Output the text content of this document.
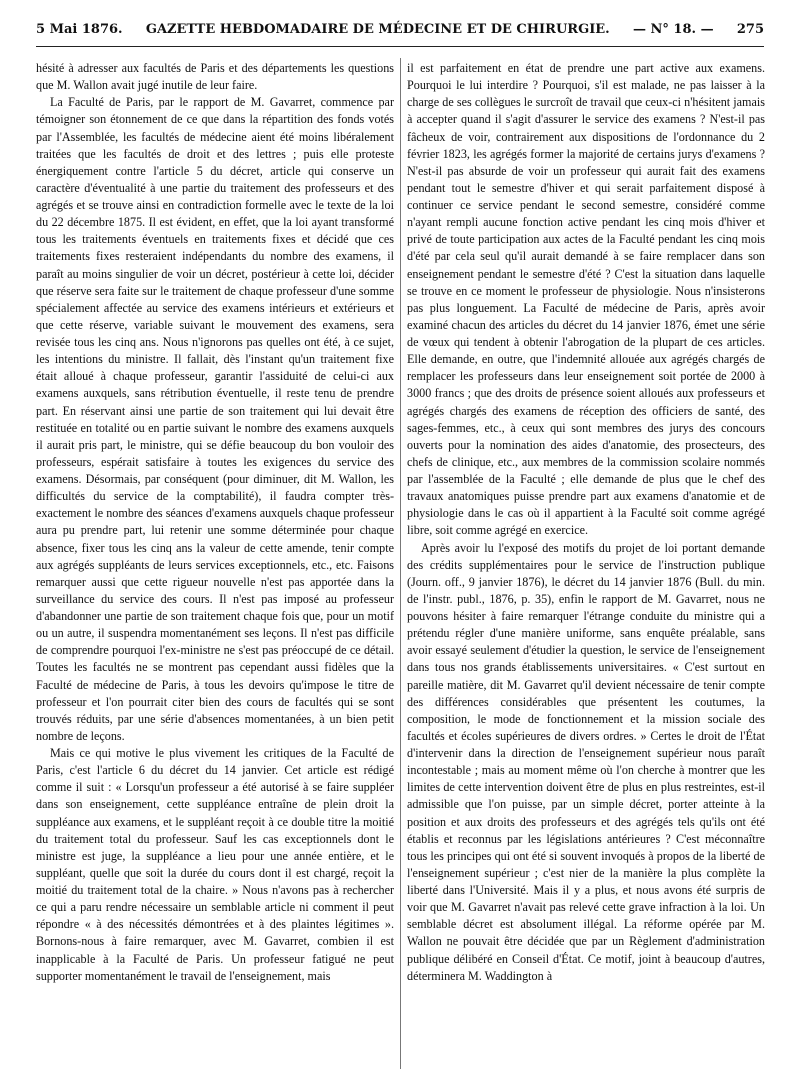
5 Mai 1876. GAZETTE HEBDOMADAIRE DE MÉDECINE ET DE CHIRURGIE. — N° 18. — 275

hésité à adresser aux facultés de Paris et des départements les questions que M. Wallon avait jugé inutile de leur faire.

La Faculté de Paris, par le rapport de M. Gavarret, commence par témoigner son étonnement de ce que dans la répartition des fonds votés par l'Assemblée, les facultés de médecine aient été moins libéralement traitées que les facultés de droit et des lettres ; puis elle proteste énergiquement contre l'article 5 du décret, article qui conserve un caractère d'éventualité à une partie du traitement des professeurs et des agrégés et se trouve ainsi en contradiction formelle avec le texte de la loi du 22 décembre 1875. Il est évident, en effet, que la loi ayant transformé tous les traitements éventuels en traitements fixes et décidé que ces traitements fixes resteraient indépendants du nombre des examens, il paraît au moins singulier de voir un décret, postérieur à cette loi, décider que réserve sera faite sur le traitement de chaque professeur d'une somme spécialement affectée au service des examens intérieurs et extérieurs et que cette réserve, variable suivant le mouvement des examens, sera revisée tous les cinq ans. Nous n'ignorons pas quelles ont été, à ce sujet, les intentions du ministre. Il fallait, dès l'instant qu'un traitement fixe était alloué à chaque professeur, garantir l'assiduité de celui-ci aux examens auxquels, sans rétribution éventuelle, il reste tenu de prendre part. En réservant ainsi une partie de son traitement qui lui devait être restituée en totalité ou en partie suivant le nombre des examens auxquels il aurait pris part, le ministre, qui se défie beaucoup du bon vouloir des professeurs, espérait satisfaire à toutes les exigences du service des examens. Désormais, par conséquent (pour diminuer, dit M. Wallon, les difficultés du service de la comptabilité), il faudra compter très-exactement le nombre des séances d'examens auxquels chaque professeur aura pu prendre part, lui retenir une somme déterminée pour chaque absence, fixer tous les cinq ans la valeur de cette amende, tenir compte aux agrégés suppléants de leurs services exceptionnels, etc., etc. Faisons remarquer aussi que cette rigueur nouvelle n'est pas apportée dans la surveillance du service des cours. Il n'est pas imposé au professeur d'abandonner une partie de son traitement chaque fois que, pour un motif ou un autre, il suspendra momentanément ses leçons. Il n'est pas difficile de comprendre pourquoi l'ex-ministre ne s'est pas préoccupé de ce détail. Toutes les facultés ne se montrent pas cependant aussi fidèles que la Faculté de médecine de Paris, à tous les devoirs qu'impose le titre de professeur et l'on pourrait citer bien des cours de facultés qui se sont trouvés réduits, par une série d'absences momentanées, à un bien petit nombre de leçons.

Mais ce qui motive le plus vivement les critiques de la Faculté de Paris, c'est l'article 6 du décret du 14 janvier. Cet article est rédigé comme il suit : « Lorsqu'un professeur a été autorisé à se faire suppléer dans son enseignement, cette suppléance entraîne de plein droit la suppléance aux examens, et le suppléant reçoit à ce double titre la moitié du traitement total du professeur. Sauf les cas exceptionnels dont le ministre est juge, la suppléance a lieu pour une année entière, et le suppléant, quelle que soit la durée du cours dont il est chargé, reçoit la moitié du traitement total de la chaire. » Nous n'avons pas à rechercher ce qui a paru rendre nécessaire un semblable article ni comment il peut répondre « à des nécessités démontrées et à des plaintes légitimes ». Bornons-nous à faire remarquer, avec M. Gavarret, combien il est inapplicable à la Faculté de Paris. Un professeur fatigué ne peut supporter momentanément le travail de l'enseignement, mais

il est parfaitement en état de prendre une part active aux examens. Pourquoi le lui interdire ? Pourquoi, s'il est malade, ne pas laisser à la charge de ses collègues le surcroît de travail que ceux-ci n'hésitent jamais à accepter quand il s'agit d'assurer le service des examens ? N'est-il pas fâcheux de voir, contrairement aux dispositions de l'ordonnance du 2 février 1823, les agrégés former la majorité de certains jurys d'examens ? N'est-il pas absurde de voir un professeur qui aurait fait des examens pendant tout le semestre d'hiver et qui serait parfaitement disposé à continuer ce service pendant le second semestre, considéré comme n'ayant rempli aucune fonction active pendant les cinq mois d'hiver et privé de toute participation aux actes de la Faculté pendant les cinq mois d'été par cela seul qu'il aurait demandé à se faire remplacer dans son enseignement pendant le semestre d'été ? C'est la situation dans laquelle se trouve en ce moment le professeur de physiologie. Nous n'insisterons pas plus longuement. La Faculté de médecine de Paris, après avoir examiné chacun des articles du décret du 14 janvier 1876, émet une série de vœux qui tendent à obtenir l'abrogation de la plupart de ces articles. Elle demande, en outre, que l'indemnité allouée aux agrégés chargés de remplacer les professeurs dans leur enseignement soit portée de 2000 à 3000 francs ; que des droits de présence soient alloués aux professeurs et agrégés chargés des examens de réception des officiers de santé, des sages-femmes, etc., à ceux qui sont membres des jurys des concours ouverts pour la nomination des aides d'anatomie, des prosecteurs, des chefs de clinique, etc., aux membres de la commission scolaire nommés par l'assemblée de la Faculté ; elle demande de plus que le chef des travaux anatomiques puisse prendre part aux examens d'anatomie et de physiologie dans le cas où il appartient à la Faculté soit comme agrégé libre, soit comme agrégé en exercice.

Après avoir lu l'exposé des motifs du projet de loi portant demande des crédits supplémentaires pour le service de l'instruction publique (Journ. off., 9 janvier 1876), le décret du 14 janvier 1876 (Bull. du min. de l'instr. publ., 1876, p. 35), enfin le rapport de M. Gavarret, nous ne pouvons hésiter à faire remarquer l'étrange conduite du ministre qui a prétendu régler d'une manière uniforme, sans enquête préalable, sans avoir essayé seulement d'étudier la question, le service de l'enseignement dans tous nos grands établissements universitaires. « C'est surtout en pareille matière, dit M. Gavarret qu'il devient nécessaire de tenir compte des différences considérables que présentent les coutumes, la composition, le mode de fonctionnement et la mission sociale des facultés et écoles supérieures de divers ordres. » Certes le droit de l'État d'intervenir dans la direction de l'enseignement supérieur nous paraît incontestable ; mais au moment même où l'on cherche à montrer que les limites de cette intervention doivent être de plus en plus restreintes, est-il admissible que l'on puisse, par un simple décret, porter atteinte à la position et aux droits des professeurs et des agrégés tels qu'ils ont été établis et reconnus par les législations antérieures ? C'est méconnaître tous les principes qui ont été si souvent invoqués à propos de la liberté de l'enseignement supérieur ; c'est nier de la manière la plus complète la liberté dans l'Université. Mais il y a plus, et nous avons été surpris de voir que M. Gavarret n'avait pas relevé cette grave infraction à la loi. Un semblable décret est absolument illégal. La réforme opérée par M. Wallon ne pouvait être décidée que par un Règlement d'administration publique délibéré en Conseil d'État. Ce motif, joint à beaucoup d'autres, déterminera M. Waddington à
